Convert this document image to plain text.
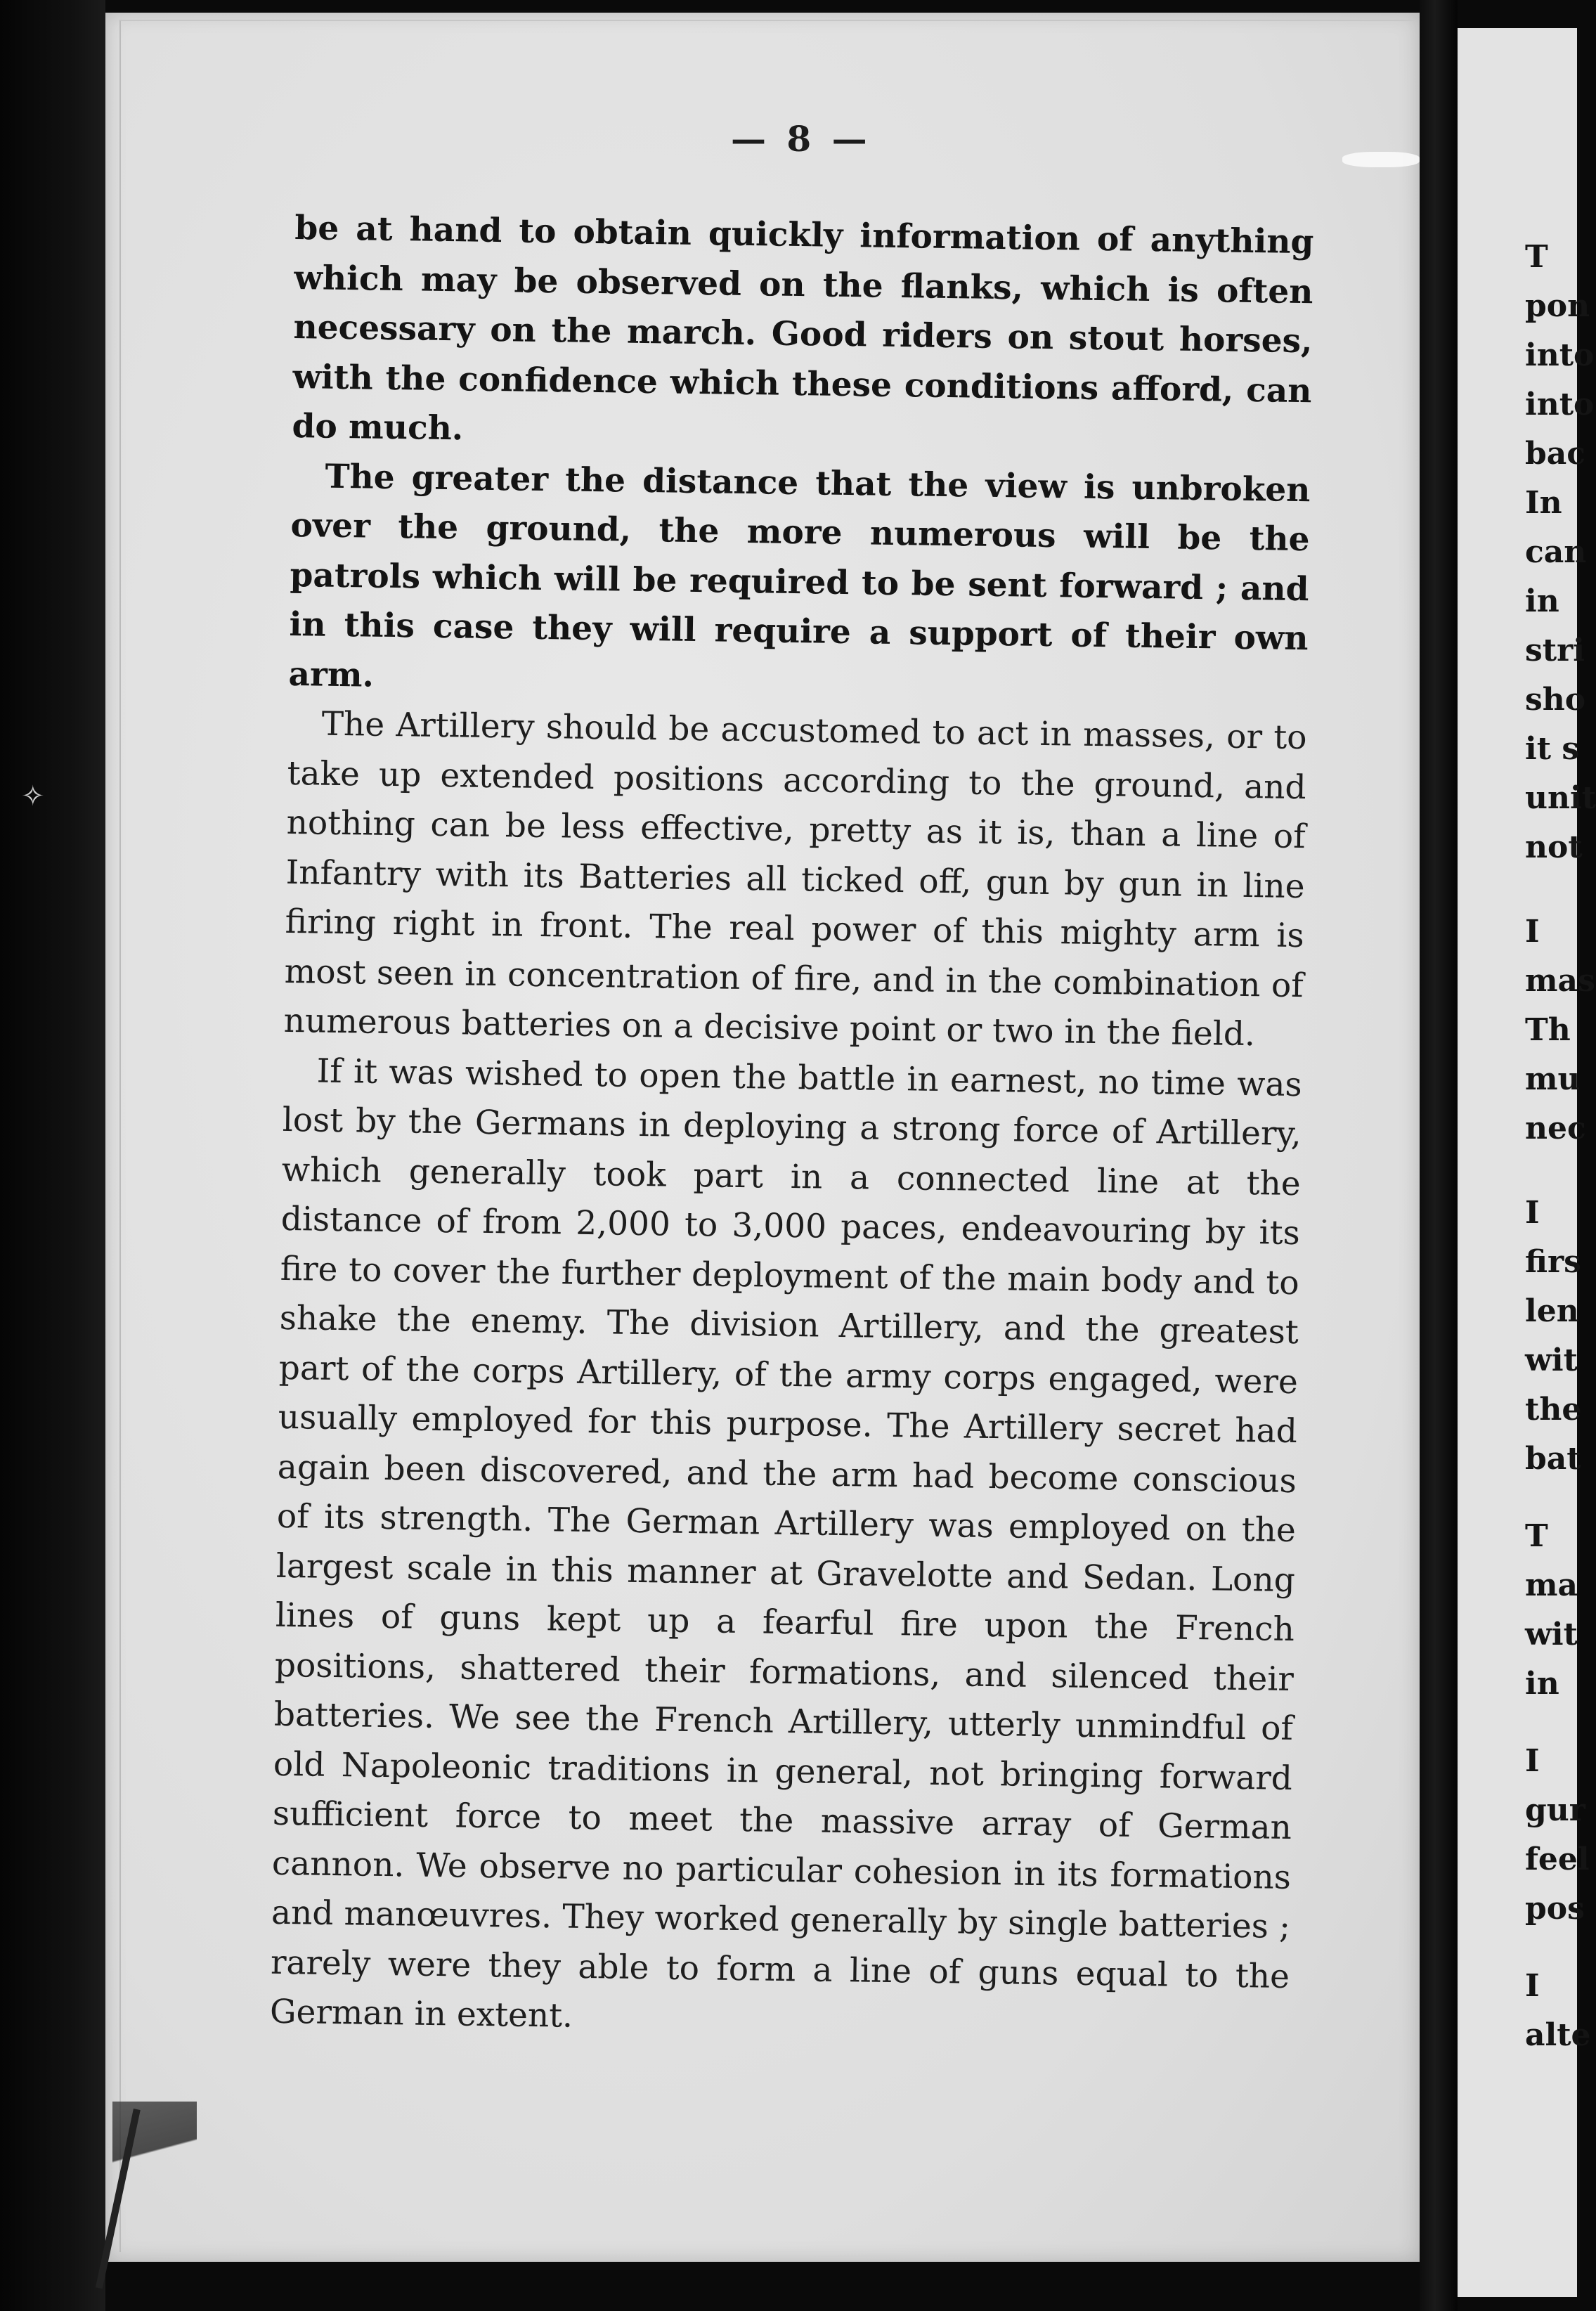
✧
— 8 —

be at hand to obtain quickly information of anything which may be observed on the flanks, which is often necessary on the march. Good riders on stout horses, with the confidence which these conditions afford, can do much.

The greater the distance that the view is unbroken over the ground, the more numerous will be the patrols which will be required to be sent forward ; and in this case they will require a support of their own arm.

The Artillery should be accustomed to act in masses, or to take up extended positions according to the ground, and nothing can be less effective, pretty as it is, than a line of Infantry with its Batteries all ticked off, gun by gun in line firing right in front. The real power of this mighty arm is most seen in concentration of fire, and in the combination of numerous batteries on a decisive point or two in the field.

If it was wished to open the battle in earnest, no time was lost by the Germans in deploying a strong force of Artillery, which generally took part in a connected line at the distance of from 2,000 to 3,000 paces, endeavouring by its fire to cover the further deployment of the main body and to shake the enemy. The division Artillery, and the greatest part of the corps Artillery, of the army corps engaged, were usually employed for this purpose. The Artillery secret had again been discovered, and the arm had become conscious of its strength. The German Artillery was employed on the largest scale in this manner at Gravelotte and Sedan. Long lines of guns kept up a fearful fire upon the French positions, shattered their formations, and silenced their batteries. We see the French Artillery, utterly unmindful of old Napoleonic traditions in general, not bringing forward sufficient force to meet the massive array of German cannon. We observe no particular cohesion in its formations and manœuvres. They worked generally by single batteries ; rarely were they able to form a line of guns equal to the German in extent.

T
pon
into
into
bac
In
can
in
stri
sho
it s
unit
not
I
mas
Th
mu
nec
I
firs
len
wit
the
bat
T
ma
wit
in
I
gur
feel
pos
I
alte
